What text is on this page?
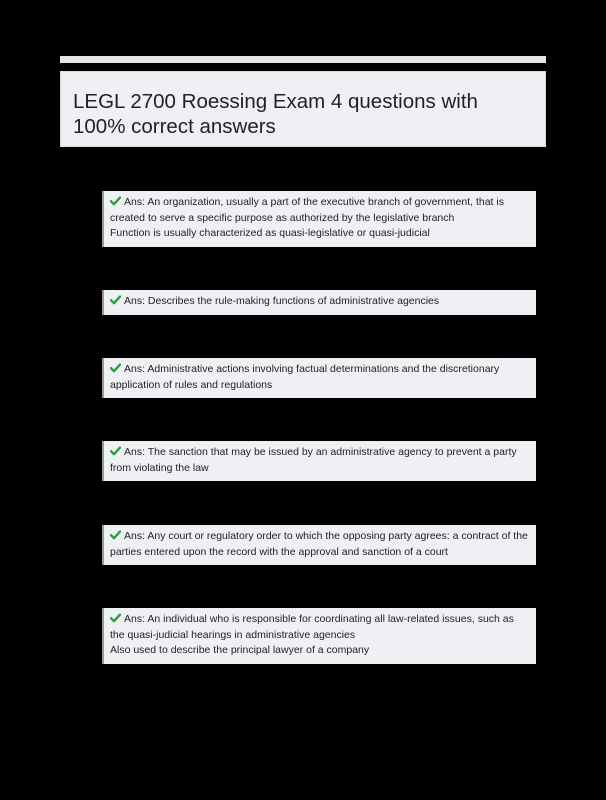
LEGL 2700 Roessing Exam 4 questions with 100% correct answers

Ans: An organization, usually a part of the executive branch of government, that is created to serve a specific purpose as authorized by the legislative branch

Function is usually characterized as quasi-legislative or quasi-judicial

Ans: Describes the rule-making functions of administrative agencies

Ans: Administrative actions involving factual determinations and the discretionary application of rules and regulations

Ans: The sanction that may be issued by an administrative agency to prevent a party from violating the law

Ans: Any court or regulatory order to which the opposing party agrees: a contract of the parties entered upon the record with the approval and sanction of a court

Ans: An individual who is responsible for coordinating all law-related issues, such as the quasi-judicial hearings in administrative agencies

Also used to describe the principal lawyer of a company
